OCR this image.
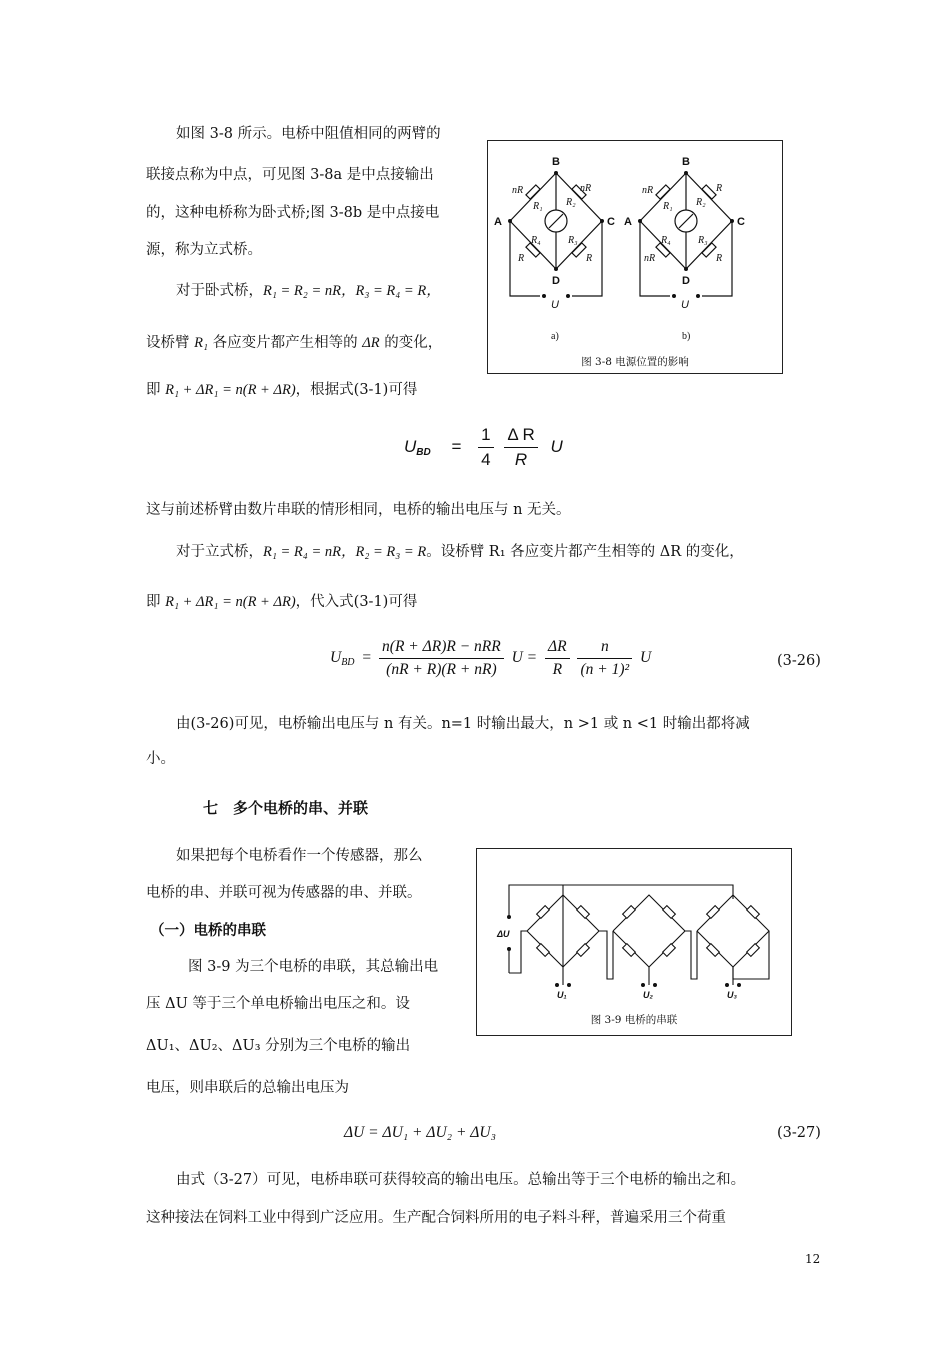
如图 3-8 所示。电桥中阻值相同的两臂的
联接点称为中点，可见图 3-8a 是中点接输出
的，这种电桥称为卧式桥;图 3-8b 是中点接电
源，称为立式桥。
对于卧式桥，R₁ = R₂ = nR，R₃ = R₄ = R，
设桥臂 R₁ 各应变片都产生相等的 ΔR 的变化，
即 R₁ + ΔR₁ = n(R + ΔR)，根据式(3-1)可得
B
A	C
D
U
B
A	C
D
U
nR	nR
R	R
R₁ R₂
R₄	R₃
nR	R
nR	R
R₁ R₂
R₄	R₃
a)	b)
图 3-8 电源位置的影响
$U_{BD} = \frac{1}{4}$
$\frac{\text{Δ R}}{R}$ U
这与前述桥臂由数片串联的情形相同，电桥的输出电压与 n 无关。
对于立式桥，R₁ = R₄ = nR，R₂ = R₃ = R。设桥臂 R₁ 各应变片都产生相等的 ΔR 的变化，
即 R₁ + ΔR₁ = n(R + ΔR)，代入式(3-1)可得
$U_{BD} = \frac{\text{n(R + ΔR)R − nRR}}{(nR + R)(R + nR)}$ $U = \frac{\Delta R}{R}$
$\frac{n}{\text{(n + 1)²}}$ U	(3-26)
由(3-26)可见，电桥输出电压与 n 有关。n=1 时输出最大，n >1 或 n <1 时输出都将减
小。
七　多个电桥的串、并联
如果把每个电桥看作一个传感器，那么
电桥的串、并联可视为传感器的串、并联。
（一）电桥的串联
图 3-9 为三个电桥的串联，其总输出电
压 ΔU 等于三个单电桥输出电压之和。设
ΔU₁、ΔU₂、ΔU₃ 分别为三个电桥的输出
电压，则串联后的总输出电压为
ΔU
U₁	U₂	U₃
图 3-9 电桥的串联
ΔU = ΔU₁ + ΔU₂ + ΔU₃	(3-27)
由式（3-27）可见，电桥串联可获得较高的输出电压。总输出等于三个电桥的输出之和。
这种接法在饲料工业中得到广泛应用。生产配合饲料所用的电子料斗秤，普遍采用三个荷重
12
